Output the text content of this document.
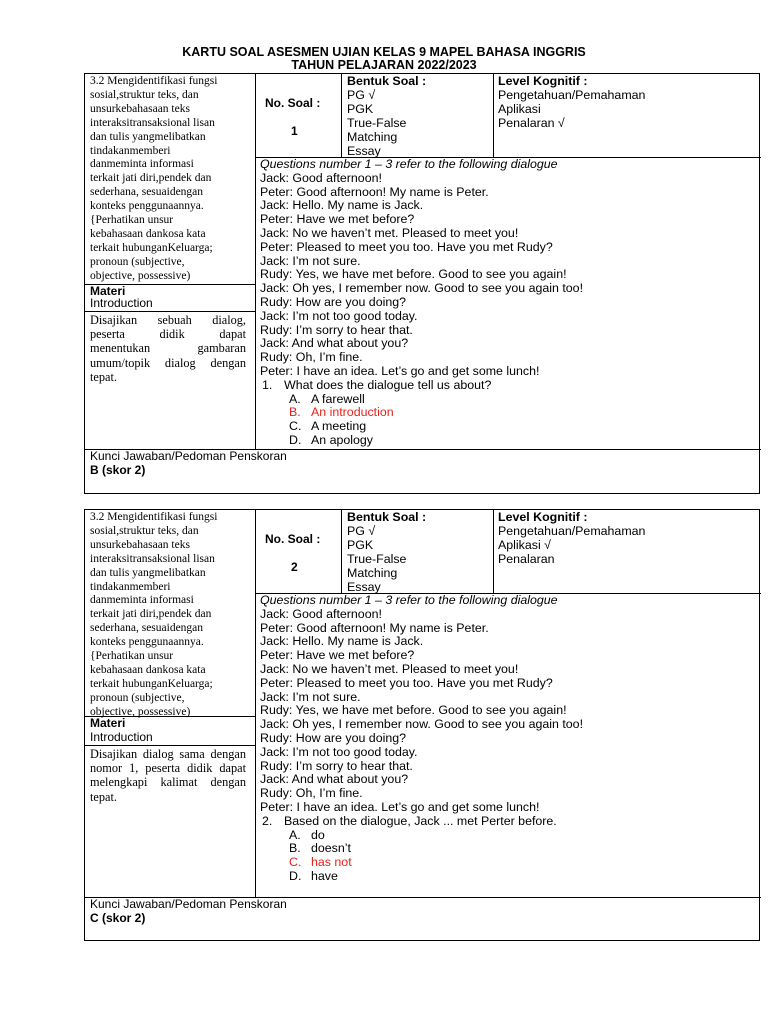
KARTU SOAL ASESMEN UJIAN KELAS 9 MAPEL BAHASA INGGRIS
TAHUN PELAJARAN 2022/2023
3.2 Mengidentifikasi fungsi
sosial,struktur teks, dan
unsurkebahasaan teks
interaksitransaksional lisan
dan tulis yangmelibatkan
tindakanmemberi
danmeminta informasi
terkait jati diri,pendek dan
sederhana, sesuaidengan
konteks penggunaannya.
{Perhatikan unsur
kebahasaan dankosa kata
terkait hubunganKeluarga;
pronoun (subjective,
objective, possessive)
Materi
Introduction
Disajikan sebuah dialog, peserta didik dapat menentukan gambaran umum/topik dialog dengan tepat.
No. Soal :
1
Bentuk Soal :
PG √
PGK
True-False
Matching
Essay
Level Kognitif :
Pengetahuan/Pemahaman
Aplikasi
Penalaran √
Questions number 1 – 3 refer to the following dialogue
Jack: Good afternoon!
Peter: Good afternoon! My name is Peter.
Jack: Hello. My name is Jack.
Peter: Have we met before?
Jack: No we haven’t met. Pleased to meet you!
Peter: Pleased to meet you too. Have you met Rudy?
Jack: I’m not sure.
Rudy: Yes, we have met before. Good to see you again!
Jack: Oh yes, I remember now. Good to see you again too!
Rudy: How are you doing?
Jack: I’m not too good today.
Rudy: I’m sorry to hear that.
Jack: And what about you?
Rudy: Oh, I’m fine.
Peter: I have an idea. Let’s go and get some lunch!
1. What does the dialogue tell us about?
A. A farewell
B. An introduction
C. A meeting
D. An apology
Kunci Jawaban/Pedoman Penskoran
B (skor 2)
3.2 Mengidentifikasi fungsi
sosial,struktur teks, dan
unsurkebahasaan teks
interaksitransaksional lisan
dan tulis yangmelibatkan
tindakanmemberi
danmeminta informasi
terkait jati diri,pendek dan
sederhana, sesuaidengan
konteks penggunaannya.
{Perhatikan unsur
kebahasaan dankosa kata
terkait hubunganKeluarga;
pronoun (subjective,
objective, possessive)
Materi
Introduction
Disajikan dialog sama dengan nomor 1, peserta didik dapat melengkapi kalimat dengan tepat.
No. Soal :
2
Bentuk Soal :
PG √
PGK
True-False
Matching
Essay
Level Kognitif :
Pengetahuan/Pemahaman
Aplikasi √
Penalaran
Questions number 1 – 3 refer to the following dialogue
Jack: Good afternoon!
Peter: Good afternoon! My name is Peter.
Jack: Hello. My name is Jack.
Peter: Have we met before?
Jack: No we haven’t met. Pleased to meet you!
Peter: Pleased to meet you too. Have you met Rudy?
Jack: I’m not sure.
Rudy: Yes, we have met before. Good to see you again!
Jack: Oh yes, I remember now. Good to see you again too!
Rudy: How are you doing?
Jack: I’m not too good today.
Rudy: I’m sorry to hear that.
Jack: And what about you?
Rudy: Oh, I’m fine.
Peter: I have an idea. Let’s go and get some lunch!
2. Based on the dialogue, Jack ... met Perter before.
A. do
B. doesn’t
C. has not
D. have
Kunci Jawaban/Pedoman Penskoran
C (skor 2)
